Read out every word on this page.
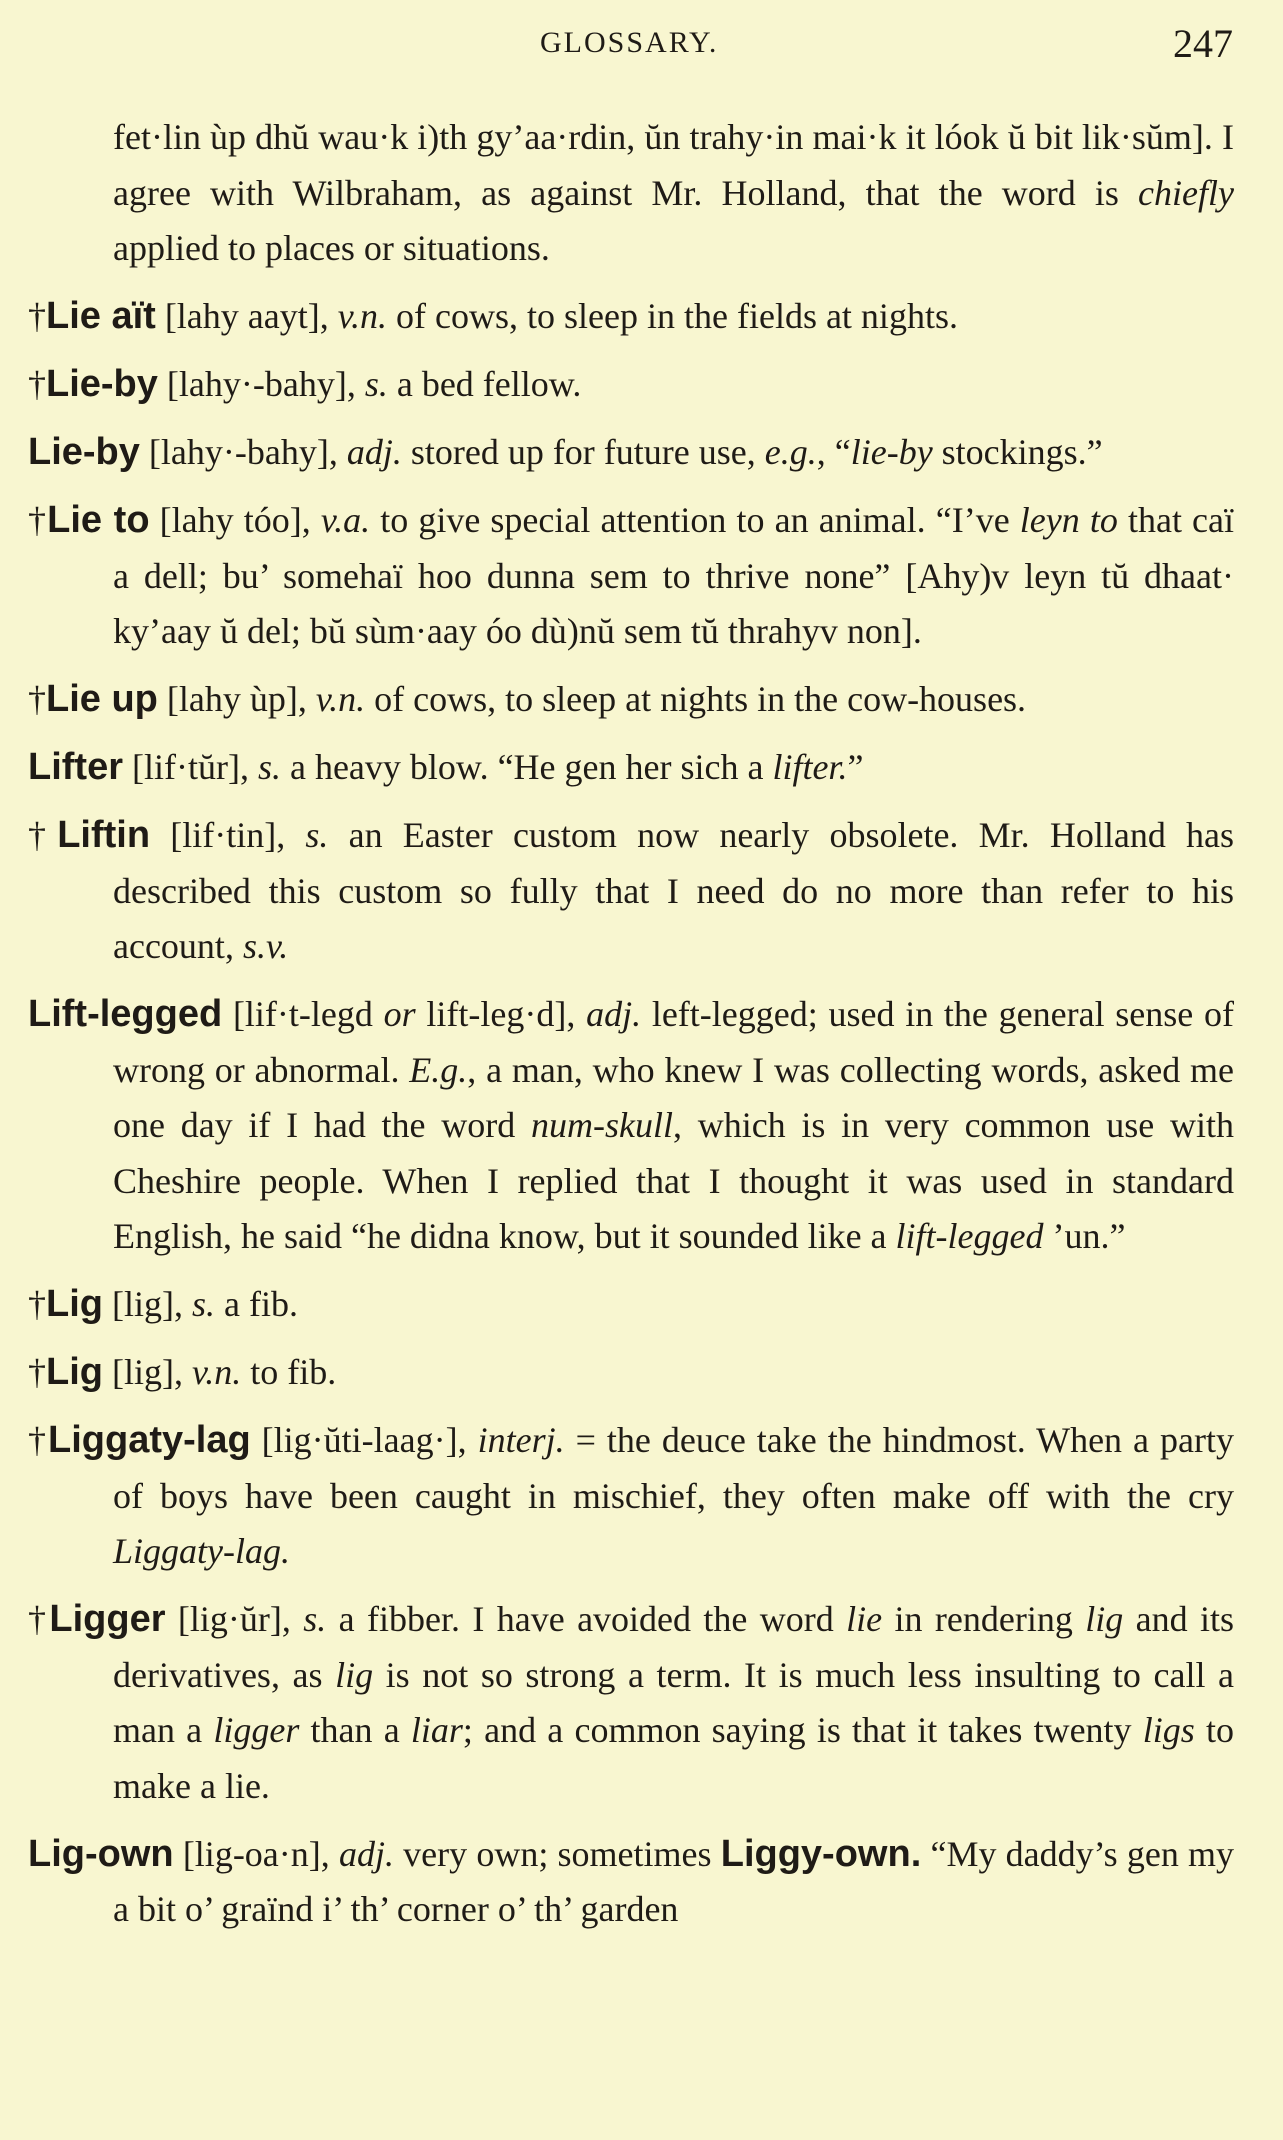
GLOSSARY.	247

fet·lin ùp dhŭ wau·k i)th gy’aa·rdin, ŭn trahy·in mai·k it lóok ŭ bit lik·sŭm]. I agree with Wilbraham, as against Mr. Holland, that the word is chiefly applied to places or situations.

†Lie aït [lahy aayt], v.n. of cows, to sleep in the fields at nights.

†Lie-by [lahy·-bahy], s. a bed fellow.

Lie-by [lahy·-bahy], adj. stored up for future use, e.g., “lie-by stockings.”

†Lie to [lahy tóo], v.a. to give special attention to an animal. “I’ve leyn to that caï a dell; bu’ somehaï hoo dunna sem to thrive none” [Ahy)v leyn tŭ dhaat· ky’aay ŭ del; bŭ sùm·aay óo dù)nŭ sem tŭ thrahyv non].

†Lie up [lahy ùp], v.n. of cows, to sleep at nights in the cow-houses.

Lifter [lif·tŭr], s. a heavy blow. “He gen her sich a lifter.”

†Liftin [lif·tin], s. an Easter custom now nearly obsolete. Mr. Holland has described this custom so fully that I need do no more than refer to his account, s.v.

Lift-legged [lif·t-legd or lift-leg·d], adj. left-legged; used in the general sense of wrong or abnormal. E.g., a man, who knew I was collecting words, asked me one day if I had the word num-skull, which is in very common use with Cheshire people. When I replied that I thought it was used in standard English, he said “he didna know, but it sounded like a lift-legged ’un.”

†Lig [lig], s. a fib.

†Lig [lig], v.n. to fib.

†Liggaty-lag [lig·ŭti-laag·], interj. = the deuce take the hindmost. When a party of boys have been caught in mischief, they often make off with the cry Liggaty-lag.

†Ligger [lig·ŭr], s. a fibber. I have avoided the word lie in rendering lig and its derivatives, as lig is not so strong a term. It is much less insulting to call a man a ligger than a liar; and a common saying is that it takes twenty ligs to make a lie.

Lig-own [lig-oa·n], adj. very own; sometimes Liggy-own. “My daddy’s gen my a bit o’ graïnd i’ th’ corner o’ th’ garden
